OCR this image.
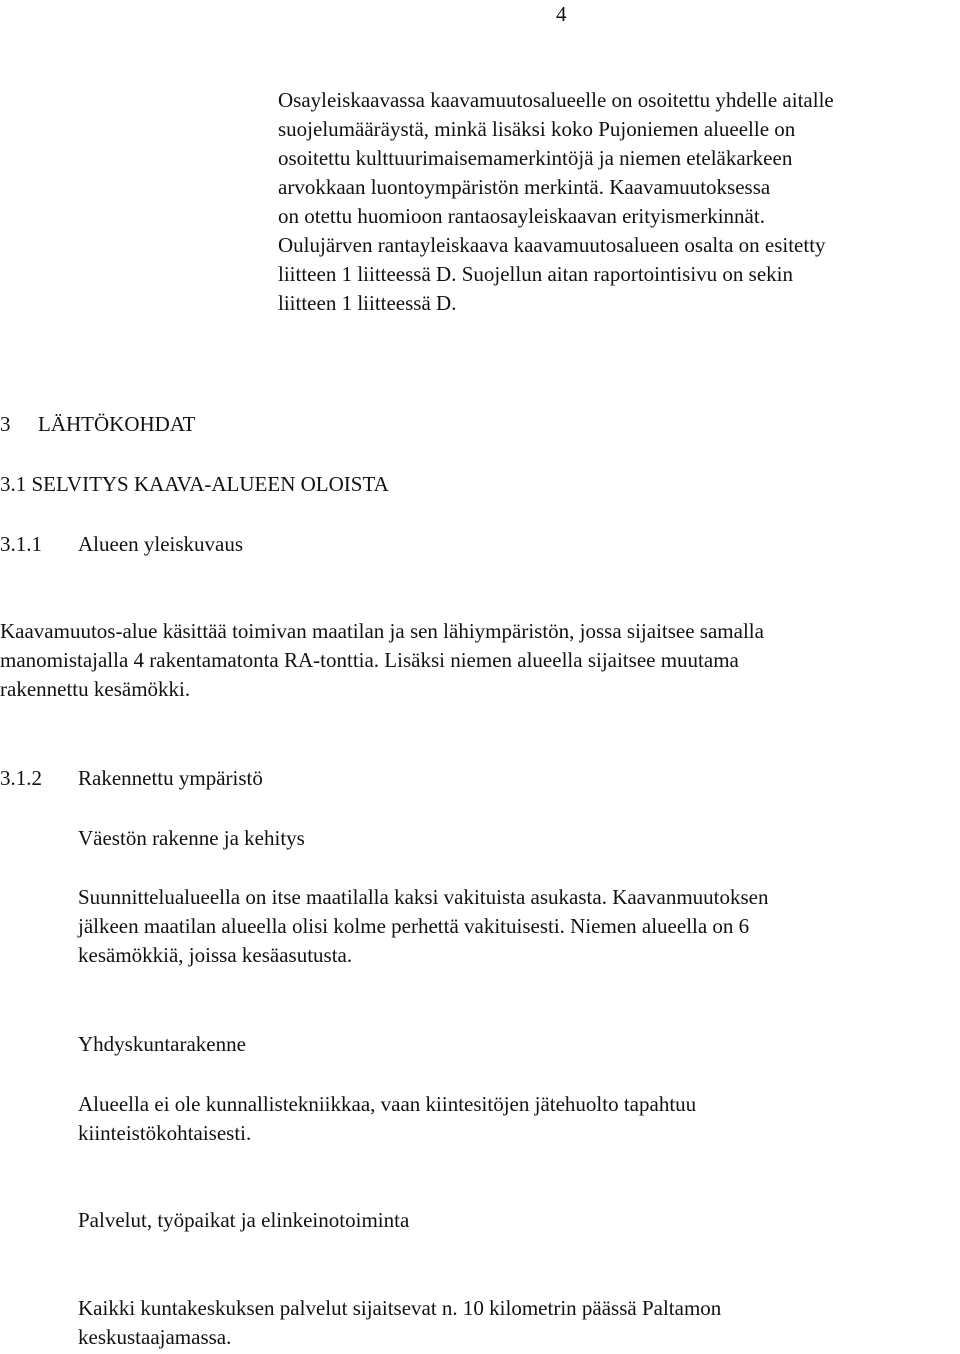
4

Osayleiskaavassa kaavamuutosalueelle on osoitettu yhdelle aitalle

suojelumääräystä, minkä lisäksi koko Pujoniemen alueelle on

osoitettu kulttuurimaisemamerkintöjä ja niemen eteläkarkeen

arvokkaan luontoympäristön merkintä. Kaavamuutoksessa

on otettu huomioon rantaosayleiskaavan erityismerkinnät.

Oulujärven rantayleiskaava kaavamuutosalueen osalta on esitetty

liitteen 1 liitteessä D. Suojellun aitan raportointisivu on sekin

liitteen 1 liitteessä D.

3 LÄHTÖKOHDAT
3.1 SELVITYS KAAVA-ALUEEN OLOISTA
3.1.1 Alueen yleiskuvaus

Kaavamuutos-alue käsittää toimivan maatilan ja sen lähiympäristön, jossa sijaitsee samalla

manomistajalla 4 rakentamatonta RA-tonttia. Lisäksi niemen alueella sijaitsee muutama

rakennettu kesämökki.

3.1.2 Rakennettu ympäristö
Väestön rakenne ja kehitys

Suunnittelualueella on itse maatilalla kaksi vakituista asukasta. Kaavanmuutoksen

jälkeen maatilan alueella olisi kolme perhettä vakituisesti. Niemen alueella on 6

kesämökkiä, joissa kesäasutusta.

Yhdyskuntarakenne

Alueella ei ole kunnallistekniikkaa, vaan kiintesitöjen jätehuolto tapahtuu

kiinteistökohtaisesti.

Palvelut, työpaikat ja elinkeinotoiminta

Kaikki kuntakeskuksen palvelut sijaitsevat n. 10 kilometrin päässä Paltamon

keskustaajamassa.
